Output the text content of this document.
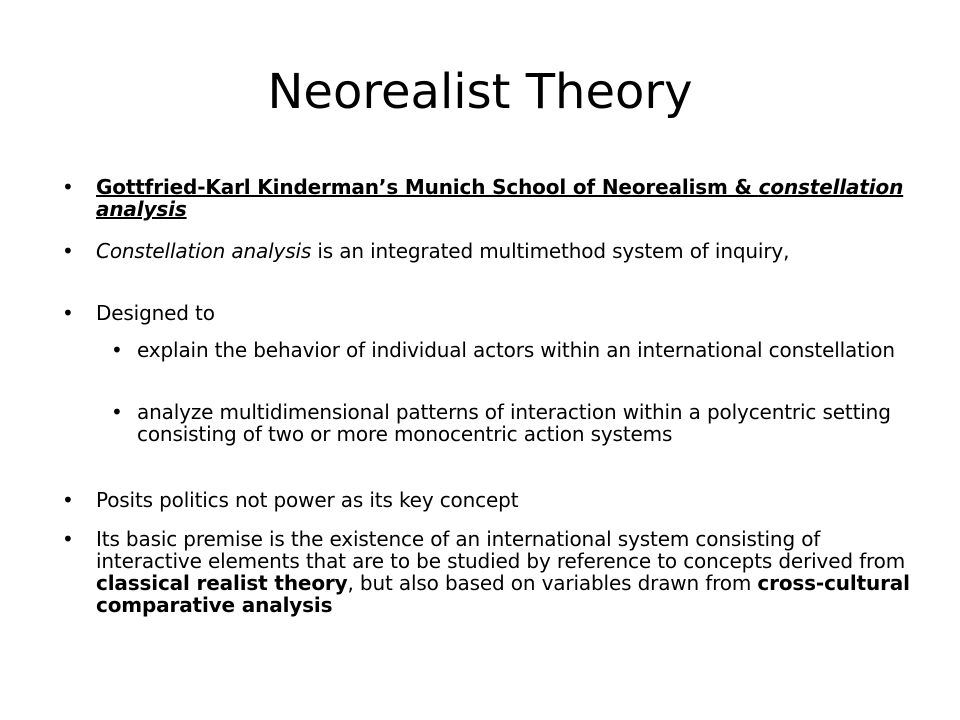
Neorealist Theory
• Gottfried-Karl Kinderman’s Munich School of Neorealism & constellation analysis
• Constellation analysis is an integrated multimethod system of inquiry,
• Designed to
• explain the behavior of individual actors within an international constellation
• analyze multidimensional patterns of interaction within a polycentric setting consisting of two or more monocentric action systems
• Posits politics not power as its key concept
• Its basic premise is the existence of an international system consisting of interactive elements that are to be studied by reference to concepts derived from classical realist theory, but also based on variables drawn from cross-cultural comparative analysis
